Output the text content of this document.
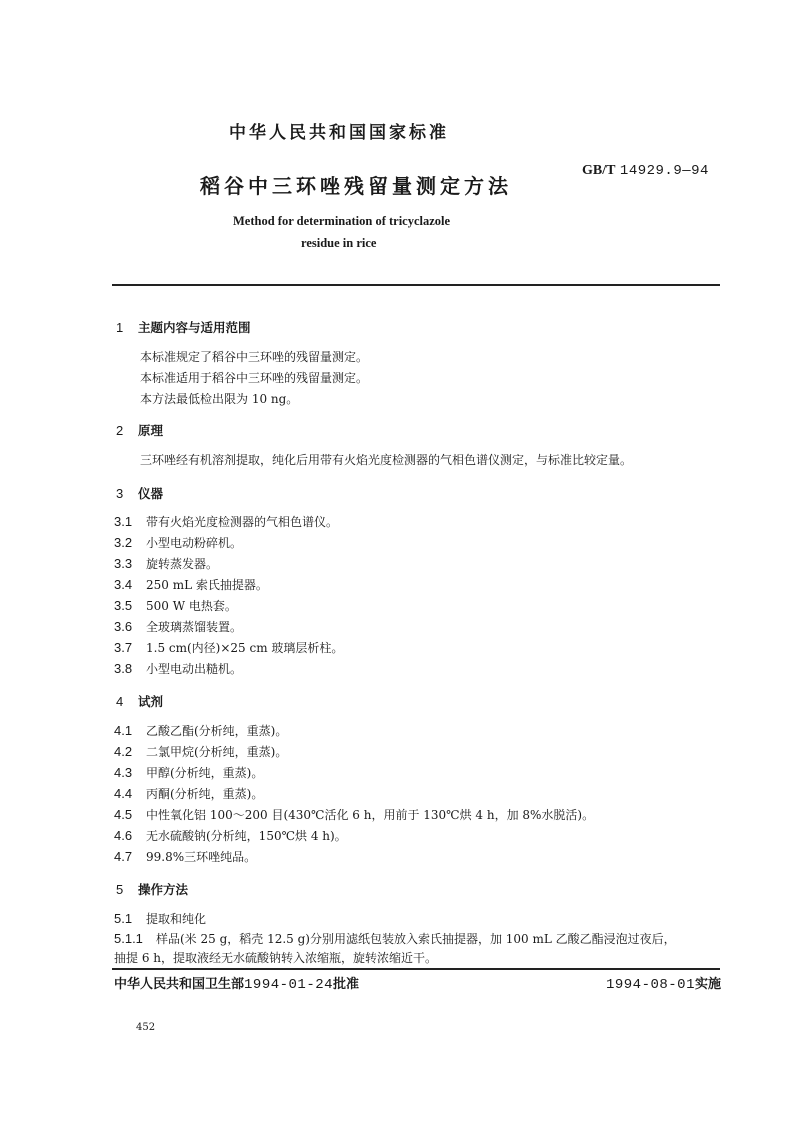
中华人民共和国国家标准
稻谷中三环唑残留量测定方法
GB/T 14929.9—94
Method for determination of tricyclazole
residue in rice
1 主题内容与适用范围
本标准规定了稻谷中三环唑的残留量测定。
本标准适用于稻谷中三环唑的残留量测定。
本方法最低检出限为 10 ng。
2 原理
三环唑经有机溶剂提取，纯化后用带有火焰光度检测器的气相色谱仪测定，与标准比较定量。
3 仪器
3.1 带有火焰光度检测器的气相色谱仪。
3.2 小型电动粉碎机。
3.3 旋转蒸发器。
3.4 250 mL 索氏抽提器。
3.5 500 W 电热套。
3.6 全玻璃蒸馏装置。
3.7 1.5 cm(内径)×25 cm 玻璃层析柱。
3.8 小型电动出糙机。
4 试剂
4.1 乙酸乙酯(分析纯，重蒸)。
4.2 二氯甲烷(分析纯，重蒸)。
4.3 甲醇(分析纯，重蒸)。
4.4 丙酮(分析纯，重蒸)。
4.5 中性氧化铝 100～200 目(430℃活化 6 h，用前于 130℃烘 4 h，加 8%水脱活)。
4.6 无水硫酸钠(分析纯，150℃烘 4 h)。
4.7 99.8%三环唑纯品。
5 操作方法
5.1 提取和纯化
5.1.1 样品(米 25 g，稻壳 12.5 g)分别用滤纸包装放入索氏抽提器，加 100 mL 乙酸乙酯浸泡过夜后，
抽提 6 h，提取液经无水硫酸钠转入浓缩瓶，旋转浓缩近干。
中华人民共和国卫生部1994-01-24批准	1994-08-01实施
452
